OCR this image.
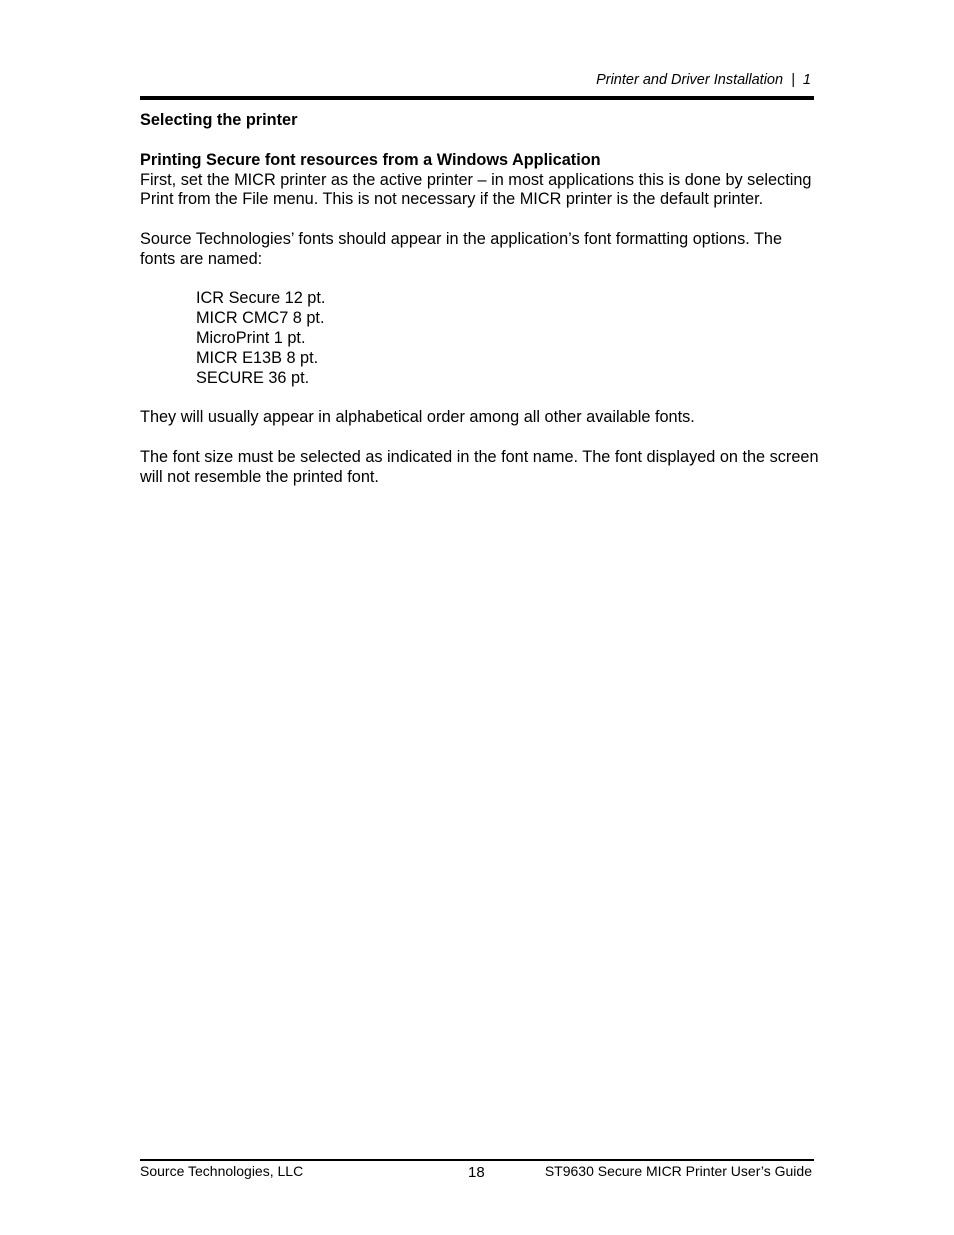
Printer and Driver Installation  |  1

Selecting the printer

Printing Secure font resources from a Windows Application

First, set the MICR printer as the active printer – in most applications this is done by selecting Print from the File menu. This is not necessary if the MICR printer is the default printer.

Source Technologies’ fonts should appear in the application’s font formatting options. The fonts are named:

ICR Secure 12 pt.
MICR CMC7 8 pt.
MicroPrint 1 pt.
MICR E13B 8 pt.
SECURE 36 pt.

They will usually appear in alphabetical order among all other available fonts.

The font size must be selected as indicated in the font name. The font displayed on the screen will not resemble the printed font.

Source Technologies, LLC	18	ST9630 Secure MICR Printer User’s Guide
